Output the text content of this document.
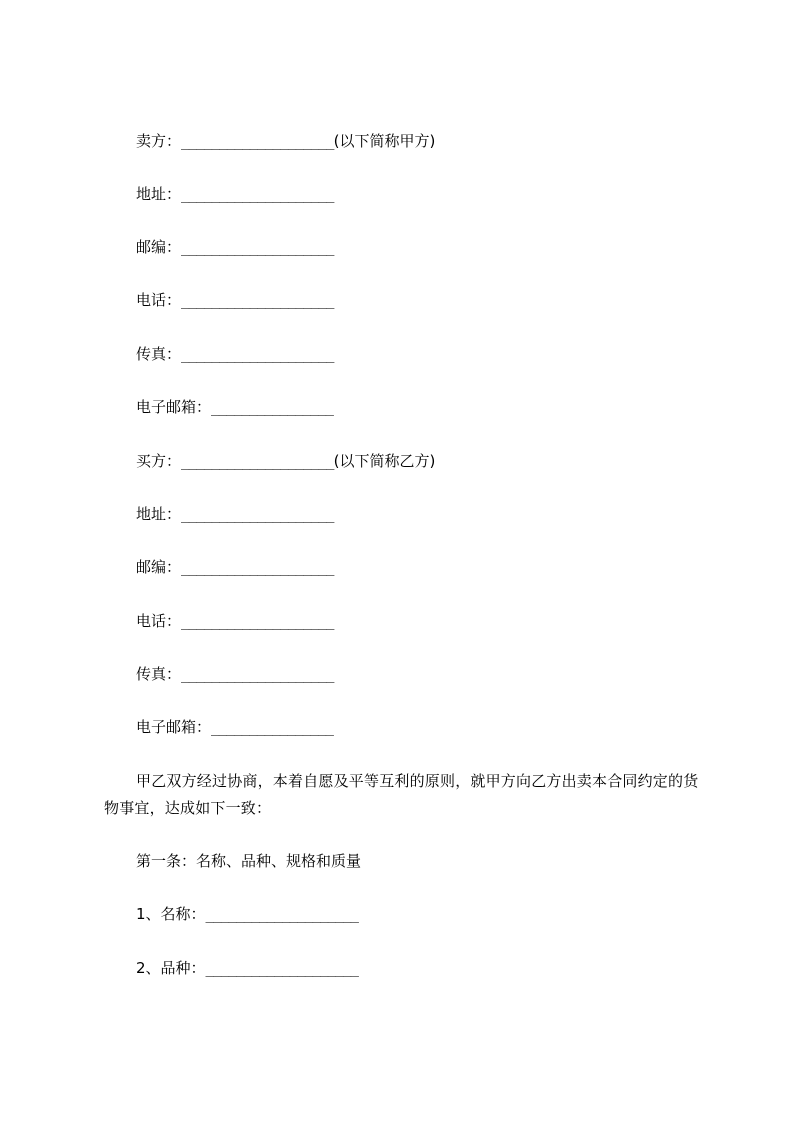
卖方：____________________(以下简称甲方)
地址：____________________
邮编：____________________
电话：____________________
传真：____________________
电子邮箱：________________
买方：____________________(以下简称乙方)
地址：____________________
邮编：____________________
电话：____________________
传真：____________________
电子邮箱：________________
甲乙双方经过协商，本着自愿及平等互利的原则，就甲方向乙方出卖本合同约定的货物事宜，达成如下一致：
第一条：名称、品种、规格和质量
1、名称：____________________
2、品种：____________________
